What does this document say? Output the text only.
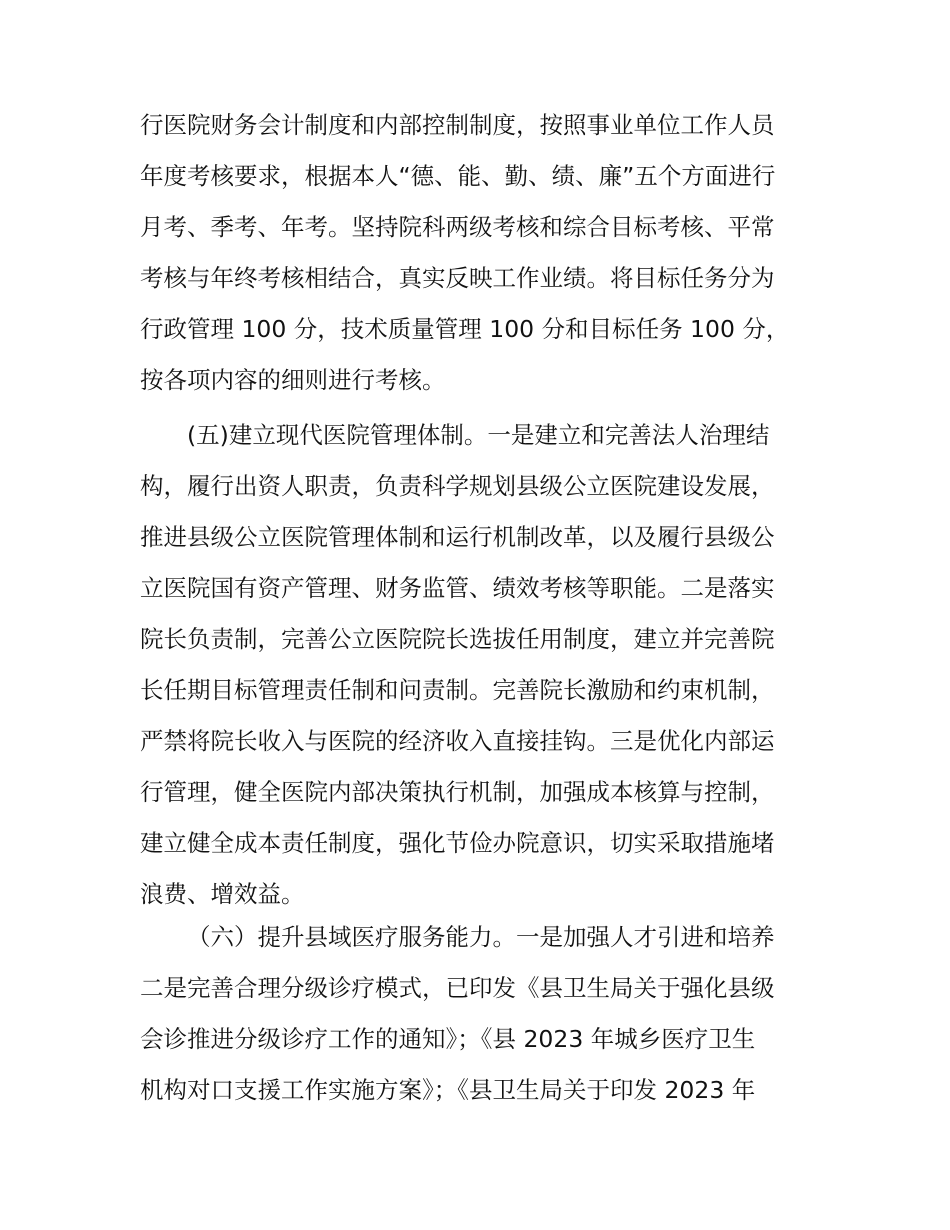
行医院财务会计制度和内部控制制度，按照事业单位工作人员
年度考核要求，根据本人“德、能、勤、绩、廉”五个方面进行
月考、季考、年考。坚持院科两级考核和综合目标考核、平常
考核与年终考核相结合，真实反映工作业绩。将目标任务分为
行政管理 100 分，技术质量管理 100 分和目标任务 100 分，
按各项内容的细则进行考核。
(五)建立现代医院管理体制。一是建立和完善法人治理结
构，履行出资人职责，负责科学规划县级公立医院建设发展，
推进县级公立医院管理体制和运行机制改革，以及履行县级公
立医院国有资产管理、财务监管、绩效考核等职能。二是落实
院长负责制，完善公立医院院长选拔任用制度，建立并完善院
长任期目标管理责任制和问责制。完善院长激励和约束机制，
严禁将院长收入与医院的经济收入直接挂钩。三是优化内部运
行管理，健全医院内部决策执行机制，加强成本核算与控制，
建立健全成本责任制度，强化节俭办院意识，切实采取措施堵
浪费、增效益。
（六）提升县域医疗服务能力。一是加强人才引进和培养
二是完善合理分级诊疗模式，已印发《县卫生局关于强化县级
会诊推进分级诊疗工作的通知》；《县 2023 年城乡医疗卫生
机构对口支援工作实施方案》；《县卫生局关于印发 2023 年
